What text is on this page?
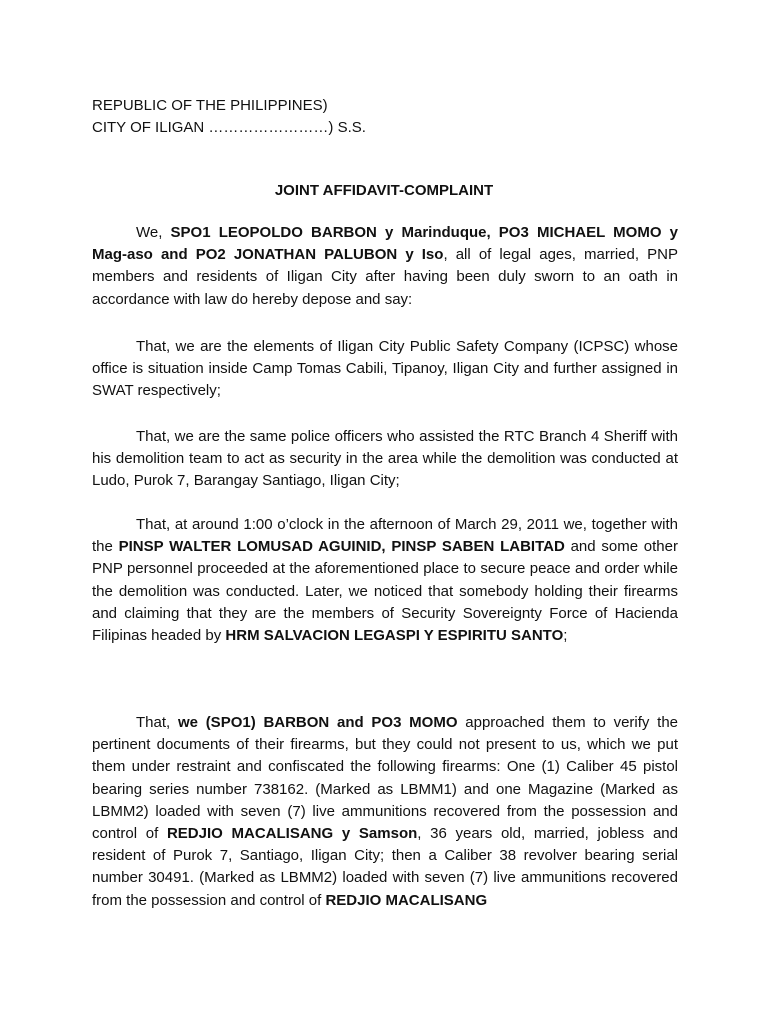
REPUBLIC OF THE PHILIPPINES)
CITY OF ILIGAN ……………………) S.S.
JOINT AFFIDAVIT-COMPLAINT

We, SPO1 LEOPOLDO BARBON y Marinduque, PO3 MICHAEL MOMO y Mag-aso and PO2 JONATHAN PALUBON y Iso, all of legal ages, married, PNP members and residents of Iligan City after having been duly sworn to an oath in accordance with law do hereby depose and say:

That, we are the elements of Iligan City Public Safety Company (ICPSC) whose office is situation inside Camp Tomas Cabili, Tipanoy, Iligan City and further assigned in SWAT respectively;

That, we are the same police officers who assisted the RTC Branch 4 Sheriff with his demolition team to act as security in the area while the demolition was conducted at Ludo, Purok 7, Barangay Santiago, Iligan City;

That, at around 1:00 o’clock in the afternoon of March 29, 2011 we, together with the PINSP WALTER LOMUSAD AGUINID, PINSP SABEN LABITAD and some other PNP personnel proceeded at the aforementioned place to secure peace and order while the demolition was conducted. Later, we noticed that somebody holding their firearms and claiming that they are the members of Security Sovereignty Force of Hacienda Filipinas headed by HRM SALVACION LEGASPI Y ESPIRITU SANTO;

That, we (SPO1) BARBON and PO3 MOMO approached them to verify the pertinent documents of their firearms, but they could not present to us, which we put them under restraint and confiscated the following firearms: One (1) Caliber 45 pistol bearing series number 738162. (Marked as LBMM1) and one Magazine (Marked as LBMM2) loaded with seven (7) live ammunitions recovered from the possession and control of REDJIO MACALISANG y Samson, 36 years old, married, jobless and resident of Purok 7, Santiago, Iligan City; then a Caliber 38 revolver bearing serial number 30491. (Marked as LBMM2) loaded with seven (7) live ammunitions recovered from the possession and control of REDJIO MACALISANG
